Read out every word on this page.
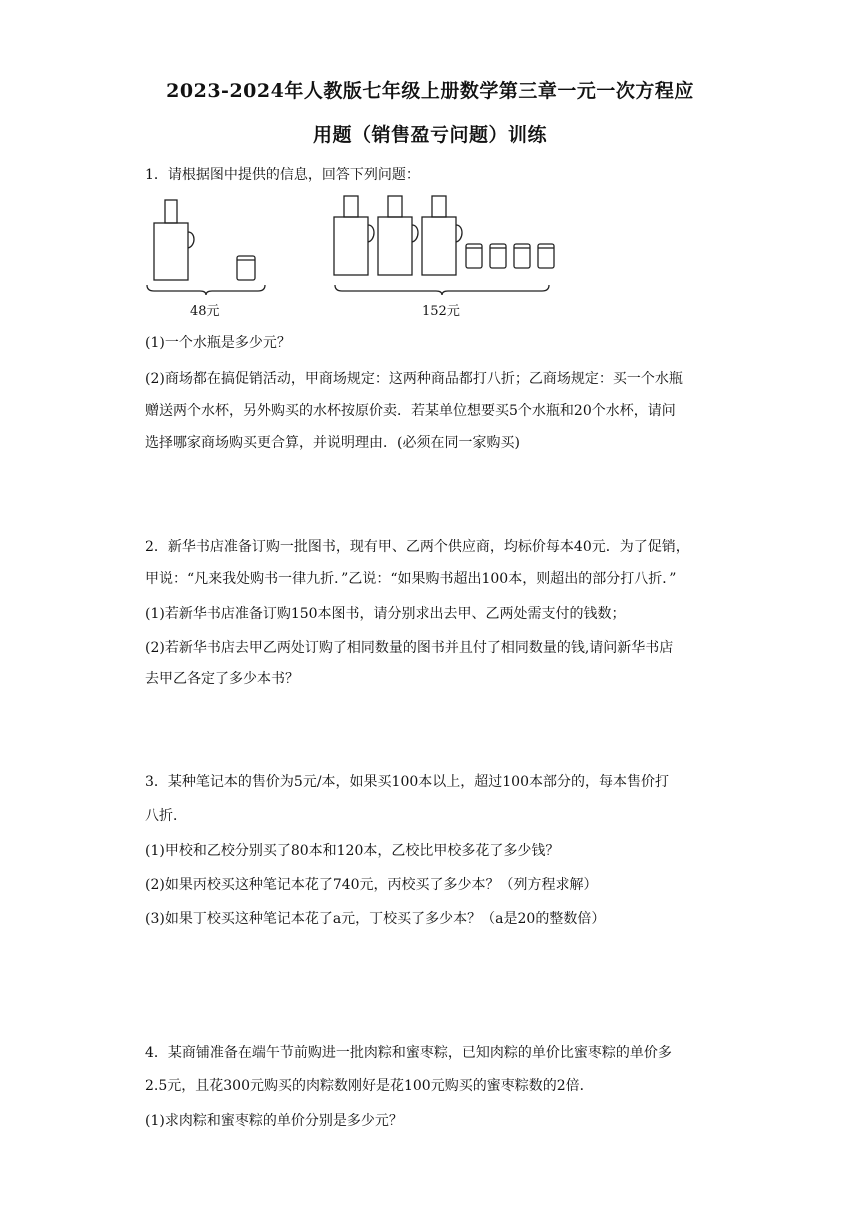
2023-2024年人教版七年级上册数学第三章一元一次方程应
用题（销售盈亏问题）训练
1．请根据图中提供的信息，回答下列问题：
48元	152元
(1)一个水瓶是多少元？
(2)商场都在搞促销活动，甲商场规定：这两种商品都打八折；乙商场规定：买一个水瓶
赠送两个水杯，另外购买的水杯按原价卖．若某单位想要买5个水瓶和20个水杯，请问
选择哪家商场购买更合算，并说明理由．(必须在同一家购买)
2．新华书店准备订购一批图书，现有甲、乙两个供应商，均标价每本40元．为了促销，
甲说：“凡来我处购书一律九折．”乙说：“如果购书超出100本，则超出的部分打八折．”
(1)若新华书店准备订购150本图书，请分别求出去甲、乙两处需支付的钱数；
(2)若新华书店去甲乙两处订购了相同数量的图书并且付了相同数量的钱,请问新华书店
去甲乙各定了多少本书？
3．某种笔记本的售价为5元/本，如果买100本以上，超过100本部分的，每本售价打
八折．
(1)甲校和乙校分别买了80本和120本，乙校比甲校多花了多少钱？
(2)如果丙校买这种笔记本花了740元，丙校买了多少本？（列方程求解）
(3)如果丁校买这种笔记本花了a元，丁校买了多少本？（a是20的整数倍）
4．某商铺准备在端午节前购进一批肉粽和蜜枣粽，已知肉粽的单价比蜜枣粽的单价多
2.5元，且花300元购买的肉粽数刚好是花100元购买的蜜枣粽数的2倍．
(1)求肉粽和蜜枣粽的单价分别是多少元？
